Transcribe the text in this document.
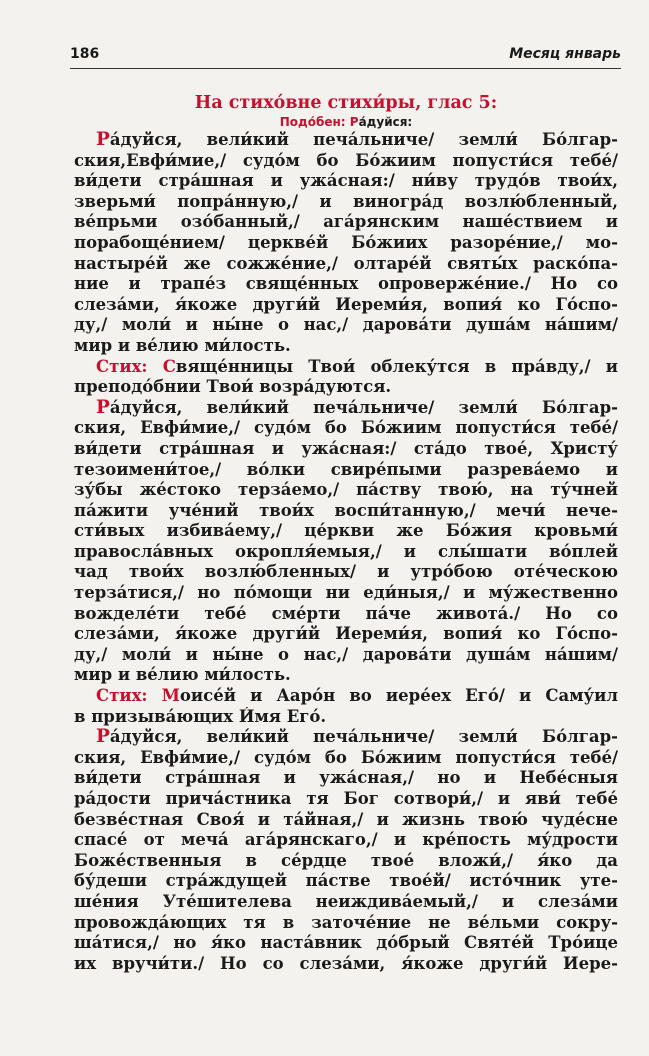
186	Месяц январь
На стихо́вне стихи́ры, глас 5:
Подо́бен: Ра́дуйся:
Ра́дуйся, вели́кий печа́льниче/ земли́ Бо́лгар-
ския,Евфи́мие,/ судо́м бо Бо́жиим попусти́ся тебе́/
ви́дети стра́шная и ужа́сная:/ ни́ву трудо́в твои́х,
зверьми́ попра́нную,/ и виногра́д возлю́бленный,
ве́прьми озо́банный,/ ага́рянским наше́ствием и
порабоще́нием/ церкве́й Бо́жиих разоре́ние,/ мо-
настыре́й же сожже́ние,/ олтаре́й святы́х раско́па-
ние и трапе́з свяще́нных опроверже́ние./ Но со
слеза́ми, я́коже други́й Иереми́я, вопия́ ко Го́спо-
ду,/ моли́ и ны́не о нас,/ дарова́ти душа́м на́шим/
мир и ве́лию ми́лость.
Стих: Свяще́нницы Твои́ облеку́тся в пра́вду,/ и
преподо́бнии Твои́ возра́дуются.
Ра́дуйся, вели́кий печа́льниче/ земли́ Бо́лгар-
ския, Евфи́мие,/ судо́м бо Бо́жиим попусти́ся тебе́/
ви́дети стра́шная и ужа́сная:/ ста́до твое́, Христу́
тезоимени́тое,/ во́лки свире́пыми разрева́емо и
зу́бы же́стоко терза́емо,/ па́ству твою́, на ту́чней
па́жити уче́ний твои́х воспи́танную,/ мечи́ нече-
сти́вых избива́ему,/ це́ркви же Бо́жия кровьми́
правосла́вных окропля́емыя,/ и слы́шати во́плей
чад твои́х возлю́бленных/ и утро́бою оте́ческою
терза́тися,/ но по́мощи ни еди́ныя,/ и му́жественно
вожделе́ти тебе́ сме́рти па́че живота́./ Но со
слеза́ми, я́коже други́й Иереми́я, вопия́ ко Го́спо-
ду,/ моли́ и ны́не о нас,/ дарова́ти душа́м на́шим/
мир и ве́лию ми́лость.
Стих: Моисе́й и Аaро́н во иере́ех Его́/ и Саму́ил
в призыва́ющих И́мя Его́.
Ра́дуйся, вели́кий печа́льниче/ земли́ Бо́лгар-
ския, Евфи́мие,/ судо́м бо Бо́жиим попусти́ся тебе́/
ви́дети стра́шная и ужа́сная,/ но и Небе́сныя
ра́дости прича́стника тя Бог сотвори́,/ и яви́ тебе́
безве́стная Своя́ и та́йная,/ и жизнь твою́ чуде́сне
спасе́ от меча́ ага́рянскаго,/ и кре́пость му́дрости
Боже́ственныя в се́рдце твое́ вложи́,/ я́ко да
бу́деши стра́ждущей па́стве твое́й/ исто́чник уте-
ше́ния Уте́шителева неиждива́емый,/ и слеза́ми
провожда́ющих тя в заточе́ние не ве́льми сокру-
ша́тися,/ но я́ко наста́вник до́брый Святе́й Тро́ице
их вручи́ти./ Но со слеза́ми, я́коже други́й Иере-
